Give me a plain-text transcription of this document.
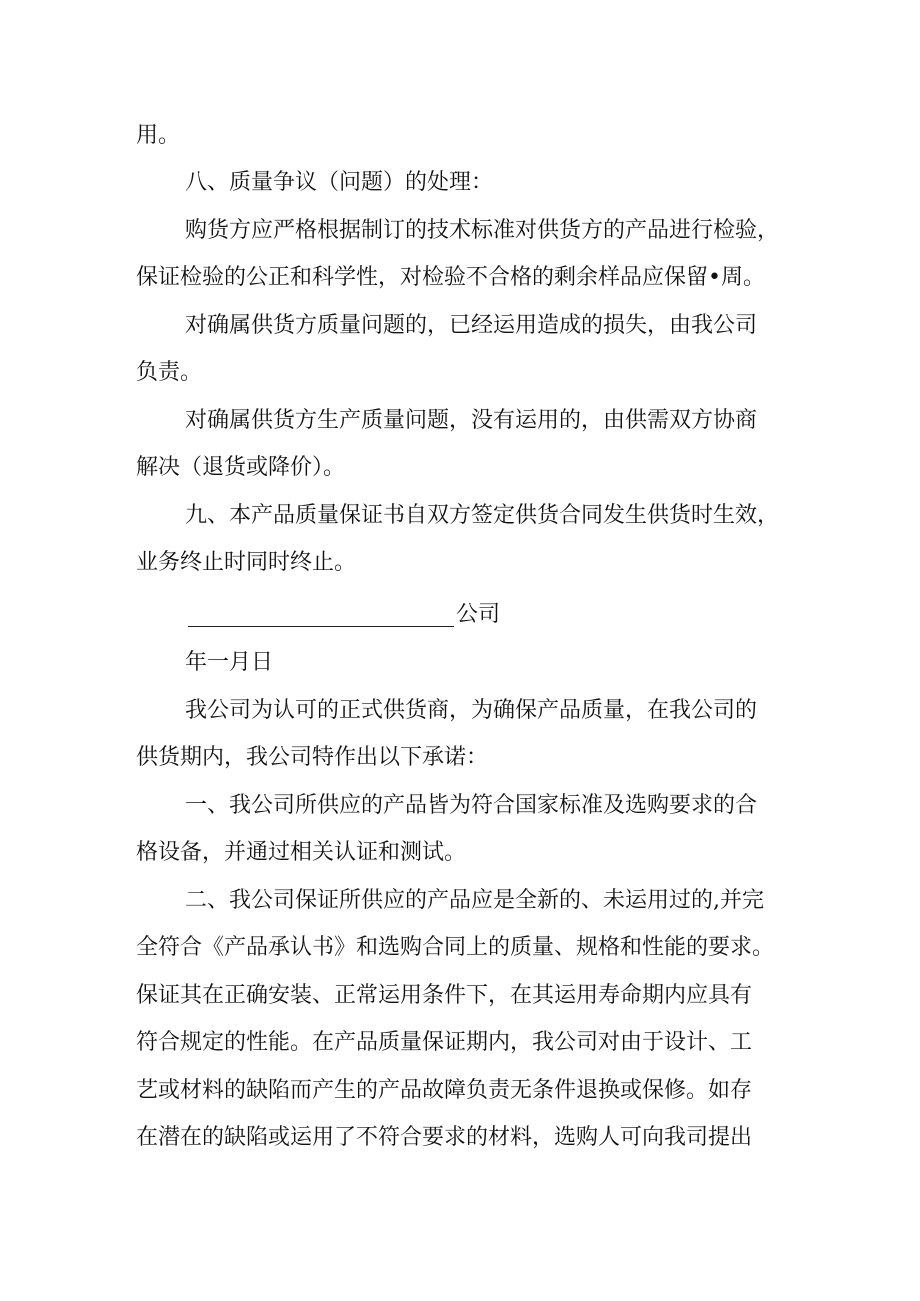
用。
八、质量争议（问题）的处理：
购货方应严格根据制订的技术标准对供货方的产品进行检验，
保证检验的公正和科学性，对检验不合格的剩余样品应保留•周。
对确属供货方质量问题的，已经运用造成的损失，由我公司
负责。
对确属供货方生产质量问题，没有运用的，由供需双方协商
解决（退货或降价）。
九、本产品质量保证书自双方签定供货合同发生供货时生效，
业务终止时同时终止。
公司
年一月日
我公司为认可的正式供货商，为确保产品质量，在我公司的
供货期内，我公司特作出以下承诺：
一、我公司所供应的产品皆为符合国家标准及选购要求的合
格设备，并通过相关认证和测试。
二、我公司保证所供应的产品应是全新的、未运用过的,并完
全符合《产品承认书》和选购合同上的质量、规格和性能的要求。
保证其在正确安装、正常运用条件下，在其运用寿命期内应具有
符合规定的性能。在产品质量保证期内，我公司对由于设计、工
艺或材料的缺陷而产生的产品故障负责无条件退换或保修。如存
在潜在的缺陷或运用了不符合要求的材料，选购人可向我司提出
